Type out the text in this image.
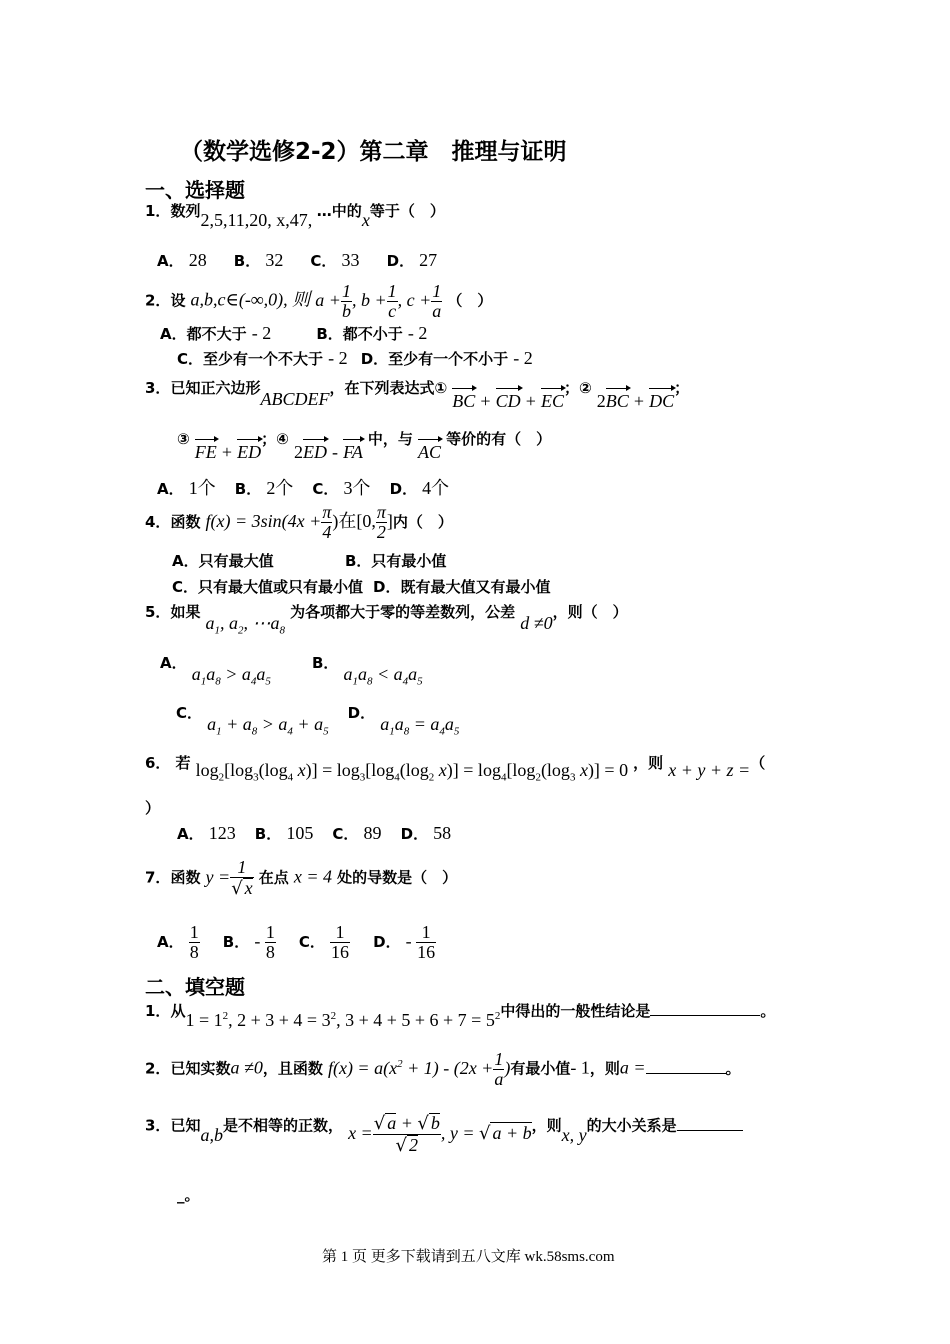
（数学选修2-2）第二章　推理与证明
一、选择题
1．数列2,5,11,20, x,47, …中的x等于（　）
A． 28 B． 32 C． 33 D． 27
2．设 a,b,c∈(-∞,0), 则 $a + \frac{1}{b}$ , $b + \frac{1}{c}$ , $c + \frac{1}{a}$ （　）
A．都不大于 - 2	B．都不小于 - 2
C．至少有一个不大于 - 2 D．至少有一个不小于 - 2
3．已知正六边形ABCDEF，在下列表达式① BC + CD + EC；② 2BC + DC；
③ FE + ED；④ 2ED - FA 中，与 AC 等价的有（　）
A． 1个 B． 2个 C． 3个 D． 4个
4．函数 $f(x) = 3\sin(4x + \frac{\pi}{4}$ )在[0, $\frac{\pi}{2}$ ]内（　）
A．只有最大值	B．只有最小值
C．只有最大值或只有最小值 D．既有最大值又有最小值
5．如果 $a_1$, $a_2$, $\cdots a_8$ 为各项都大于零的等差数列，公差 d ≠0，则（　）
A． $a_1a_8 > a_4a_5$ B． $a_1a_8 < a_4a_5$
C． $a_1 + a_8 > a_4 + a_5$ D． $a_1a_8 = a_4a_5$
6． 若 $\log_2[\log_3(\log_4$ $x)] = \log_3[\log_4(\log_2$ $x)] = \log_4[\log_2(\log_3$ x)] = 0 ，则 x + y + z =（
）
A． 123 B． 105 C． 89 D． 58
7．函数 $y = \frac{1}{√ x}$ 在点 x = 4 处的导数是（　）
A． $\frac{1}{8}$ B． - $\frac{1}{8}$ C． $\frac{1}{16}$ D． - $\frac{1}{16}$
二、填空题
1．从$1 = 1^2$, $2 + 3 + 4 = 3^2$, $3 + 4 + 5 + 6 + 7 = 5^2$中得出的一般性结论是	。
2．已知实数a ≠0，且函数 $f(x) = a(x^2 + 1) - (2x + \frac{1}{a}$ )有最小值- 1，则a =	。
3．已知a,b是不相等的正数， $x = \frac{√ a + √ b}{√ 2}$ , y = √ a + b，则x, y的大小关系是
_。
第 1 页 更多下载请到五八文库 wk.58sms.com
